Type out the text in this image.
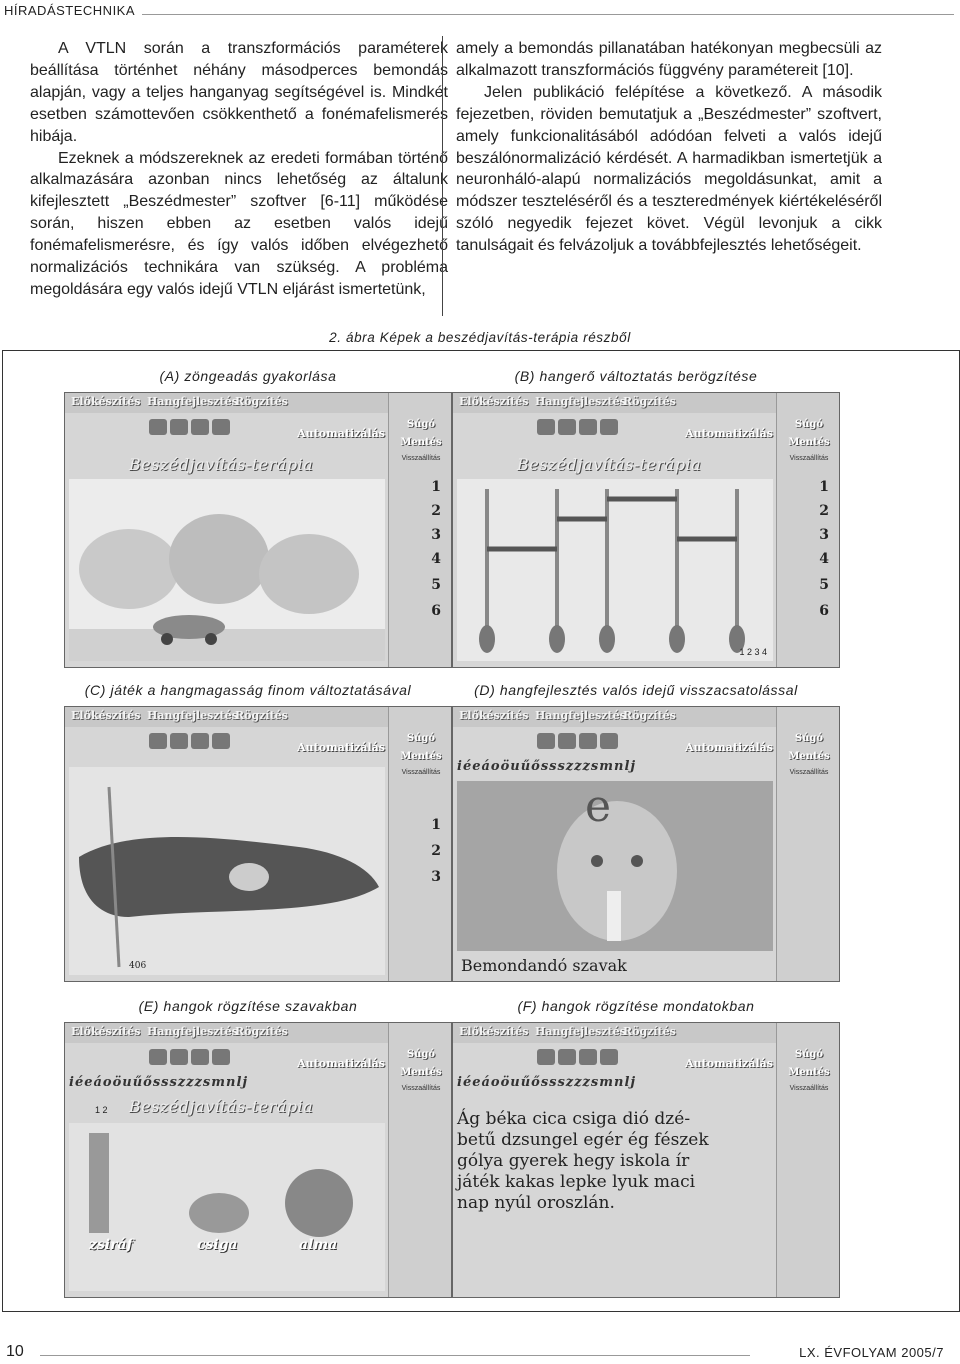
HÍRADÁSTECHNIKA

A VTLN során a transzformációs paraméterek beállítása történhet néhány másodperces bemondás alapján, vagy a teljes hanganyag segítségével is. Mindkét esetben számottevően csökkenthető a fonémafelismerés hibája.

Ezeknek a módszereknek az eredeti formában történő alkalmazására azonban nincs lehetőség az általunk kifejlesztett „Beszédmester” szoftver [6-11] működése során, hiszen ebben az esetben valós idejű fonémafelismerésre, és így valós időben elvégezhető normalizációs technikára van szükség. A probléma megoldására egy valós idejű VTLN eljárást ismertetünk,

amely a bemondás pillanatában hatékonyan megbecsüli az alkalmazott transzformációs függvény paramétereit [10].

Jelen publikáció felépítése a következő. A második fejezetben, röviden bemutatjuk a „Beszédmester” szoftvert, amely funkcionalitásából adódóan felveti a valós idejű beszálónormalizáció kérdését. A harmadikban ismertetjük a neuronháló-alapú normalizációs megoldásunkat, amit a módszer teszteléséről és a teszteredmények kiértékeléséről szóló negyedik fejezet követ. Végül levonjuk a cikk tanulságait és felvázoljuk a továbbfejlesztés lehetőségeit.

2. ábra Képek a beszédjavítás-terápia részből
(A) zöngeadás gyakorlása	(B) hangerő változtatás berögzítése
(C) játék a hangmagasság finom változtatásával	(D) hangfejlesztés valós idejű visszacsatolással
(E) hangok rögzítése szavakban	(F) hangok rögzítése mondatokban
Előkészítés Hangfejlesztés
Rögzítés
Automatizálás
Beszédjavítás-terápia
Súgó
Mentés
Visszaállítás
1
2
3
4
5
6
Előkészítés Hangfejlesztés
Rögzítés
Automatizálás
Beszédjavítás-terápia
Súgó
Mentés
Visszaállítás
1
2
3
4
5
6
1 2 3 4
Előkészítés Hangfejlesztés
Rögzítés
Automatizálás
Súgó
Mentés
Visszaállítás
1
2
3
406
Előkészítés Hangfejlesztés
Rögzítés
Automatizálás
iéeáoöuűőssszzzsmnlj
Súgó
Mentés
Visszaállítás
e
Bemondandó szavak
Előkészítés Hangfejlesztés
Rögzítés
Automatizálás
iéeáoöuűőssszzzsmnlj
Beszédjavítás-terápia
1 2
Súgó
Mentés
Visszaállítás
zsiráf	csiga	alma
Előkészítés Hangfejlesztés
Rögzítés
Automatizálás
iéeáoöuűőssszzzsmnlj
Súgó
Mentés
Visszaállítás
Ág béka cica csiga dió dzé-
betű dzsungel egér ég fészek
gólya gyerek hegy iskola ír
játék kakas lepke lyuk maci
nap nyúl oroszlán.
10	LX. ÉVFOLYAM 2005/7
